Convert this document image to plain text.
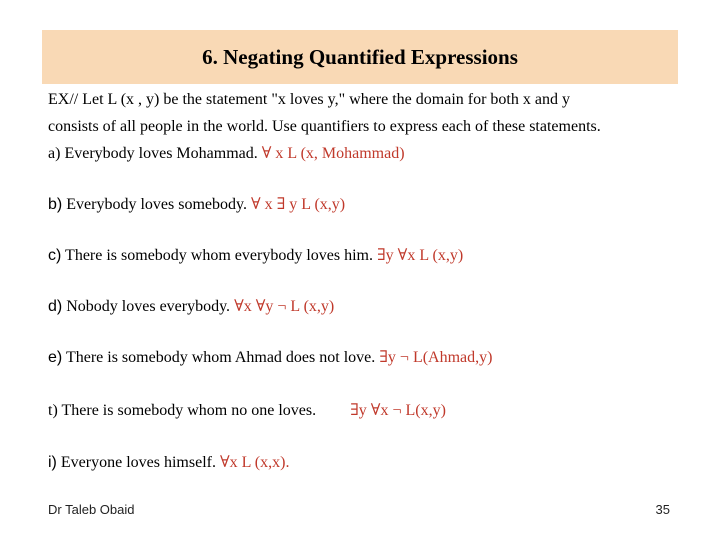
6. Negating Quantified Expressions
EX// Let L (x , y) be the statement "x loves y," where the domain for both x and y
consists of all people in the world. Use quantifiers to express each of these statements.
a) Everybody loves Mohammad. ∀ x L (x, Mohammad)
b) Everybody loves somebody. ∀ x ∃ y L (x,y)
c) There is somebody whom everybody loves him. ∃y ∀x L (x,y)
d) Nobody loves everybody. ∀x ∀y ¬ L (x,y)
e) There is somebody whom Ahmad does not love. ∃y ¬ L(Ahmad,y)
t) There is somebody whom no one loves. ∃y ∀x ¬ L(x,y)
i) Everyone loves himself. ∀x L (x,x).
Dr Taleb Obaid	35
